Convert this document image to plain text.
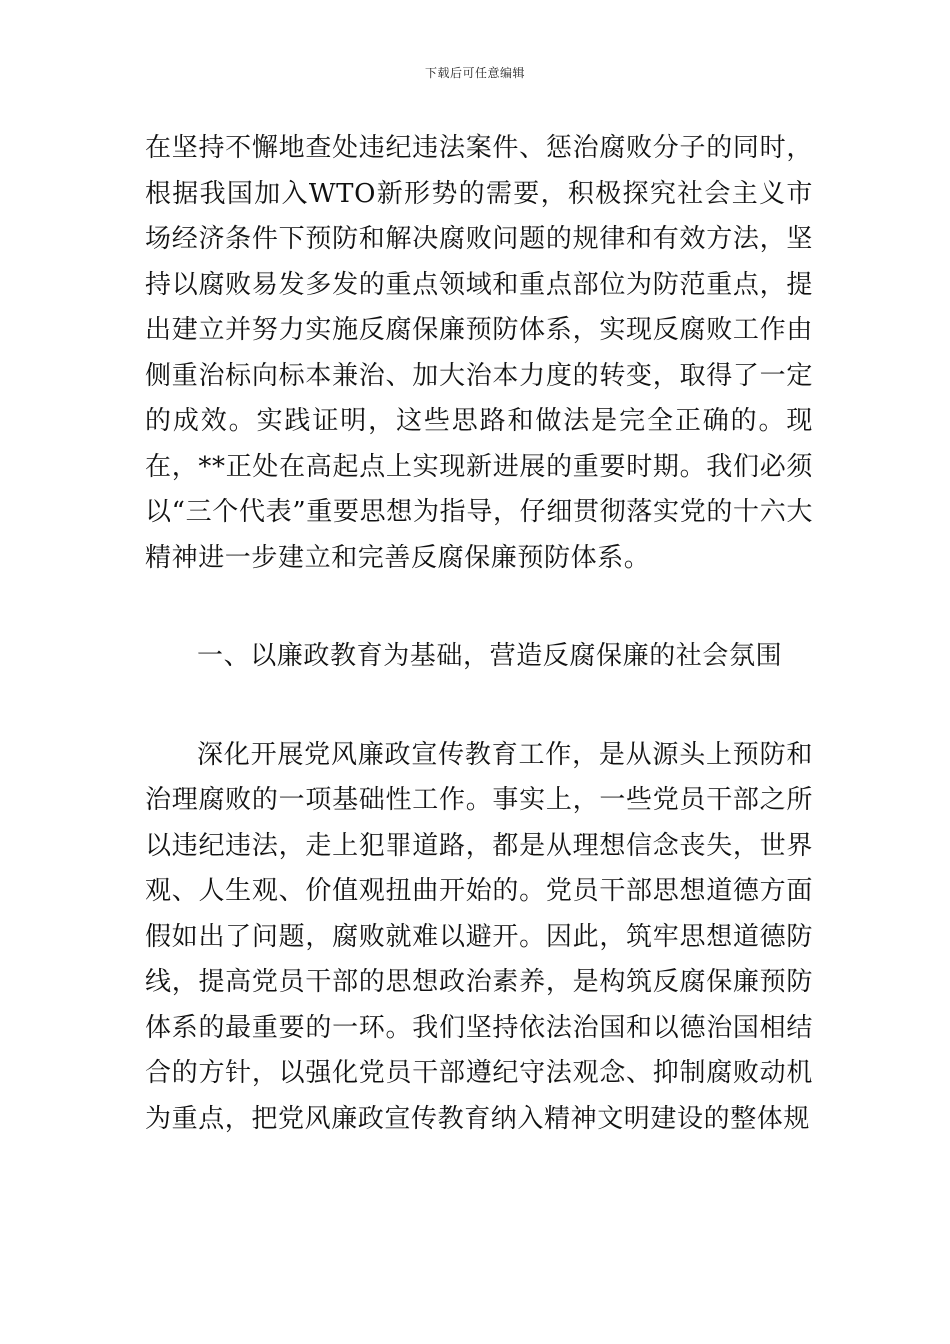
下载后可任意编辑

在坚持不懈地查处违纪违法案件、惩治腐败分子的同时，根据我国加入WTO新形势的需要，积极探究社会主义市场经济条件下预防和解决腐败问题的规律和有效方法，坚持以腐败易发多发的重点领域和重点部位为防范重点，提出建立并努力实施反腐保廉预防体系，实现反腐败工作由侧重治标向标本兼治、加大治本力度的转变，取得了一定的成效。实践证明，这些思路和做法是完全正确的。现在，**正处在高起点上实现新进展的重要时期。我们必须以“三个代表”重要思想为指导，仔细贯彻落实党的十六大精神进一步建立和完善反腐保廉预防体系。

一、以廉政教育为基础，营造反腐保廉的社会氛围

深化开展党风廉政宣传教育工作，是从源头上预防和治理腐败的一项基础性工作。事实上，一些党员干部之所以违纪违法，走上犯罪道路，都是从理想信念丧失，世界观、人生观、价值观扭曲开始的。党员干部思想道德方面假如出了问题，腐败就难以避开。因此，筑牢思想道德防线，提高党员干部的思想政治素养，是构筑反腐保廉预防体系的最重要的一环。我们坚持依法治国和以德治国相结合的方针，以强化党员干部遵纪守法观念、抑制腐败动机为重点，把党风廉政宣传教育纳入精神文明建设的整体规
